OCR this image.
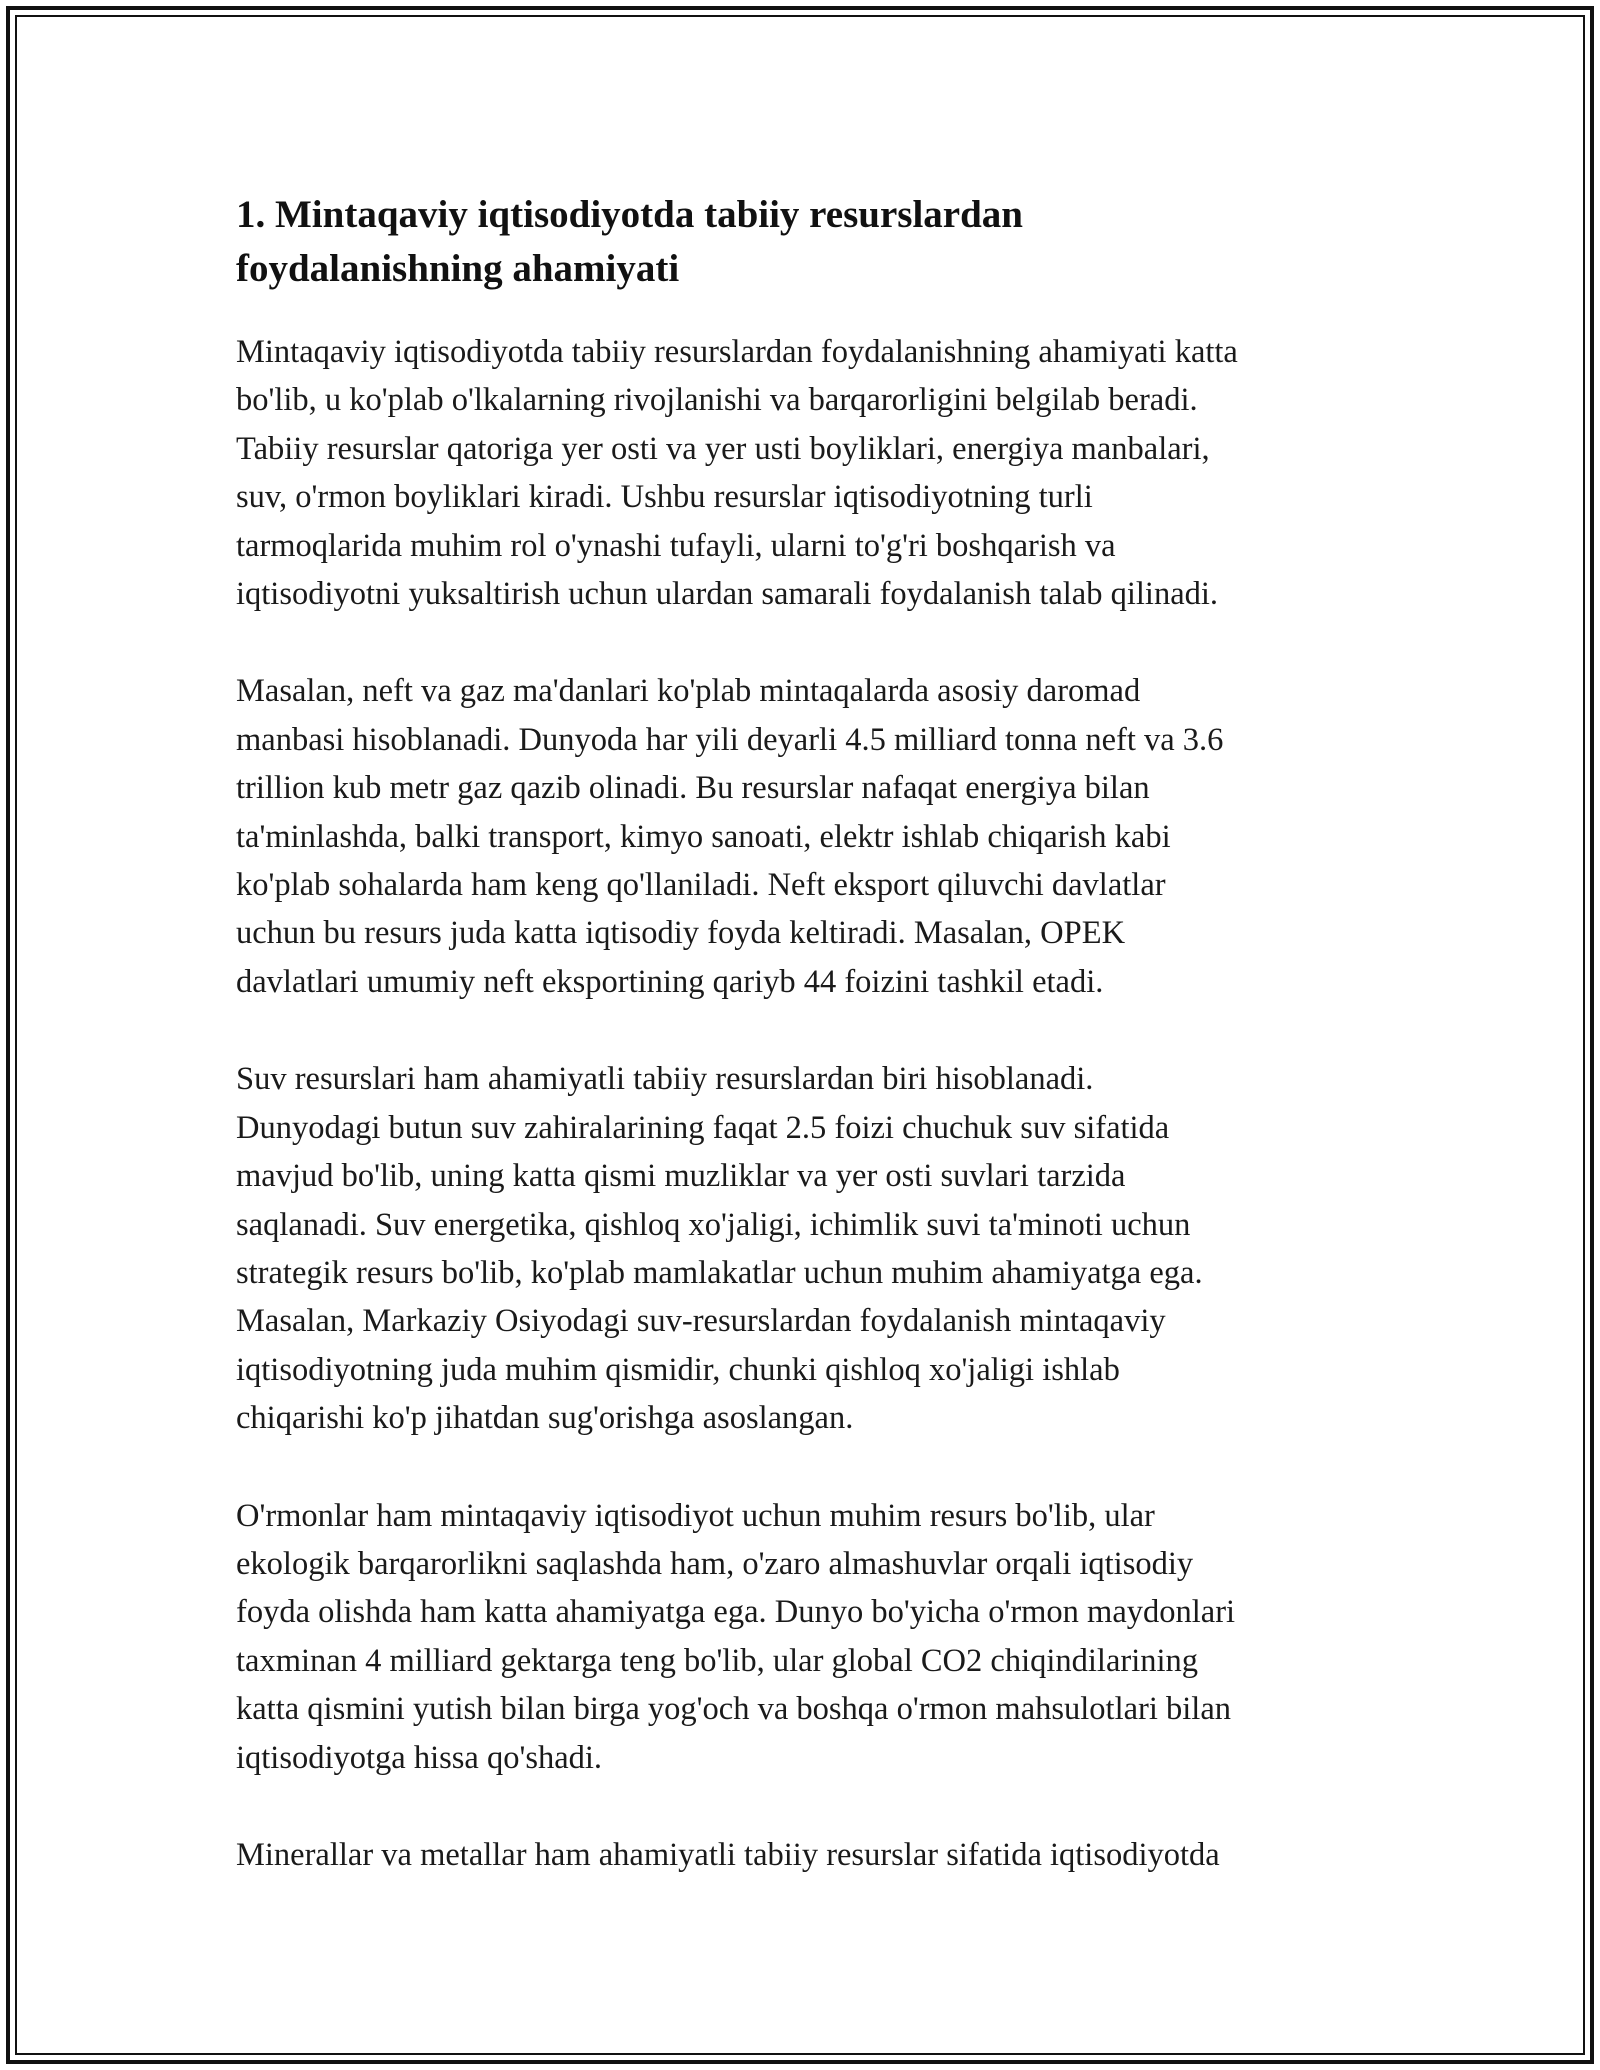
1. Mintaqaviy iqtisodiyotda tabiiy resurslardan
foydalanishning ahamiyati

Mintaqaviy iqtisodiyotda tabiiy resurslardan foydalanishning ahamiyati katta
bo'lib, u ko'plab o'lkalarning rivojlanishi va barqarorligini belgilab beradi.
Tabiiy resurslar qatoriga yer osti va yer usti boyliklari, energiya manbalari,
suv, o'rmon boyliklari kiradi. Ushbu resurslar iqtisodiyotning turli
tarmoqlarida muhim rol o'ynashi tufayli, ularni to'g'ri boshqarish va
iqtisodiyotni yuksaltirish uchun ulardan samarali foydalanish talab qilinadi.

Masalan, neft va gaz ma'danlari ko'plab mintaqalarda asosiy daromad
manbasi hisoblanadi. Dunyoda har yili deyarli 4.5 milliard tonna neft va 3.6
trillion kub metr gaz qazib olinadi. Bu resurslar nafaqat energiya bilan
ta'minlashda, balki transport, kimyo sanoati, elektr ishlab chiqarish kabi
ko'plab sohalarda ham keng qo'llaniladi. Neft eksport qiluvchi davlatlar
uchun bu resurs juda katta iqtisodiy foyda keltiradi. Masalan, OPEK
davlatlari umumiy neft eksportining qariyb 44 foizini tashkil etadi.

Suv resurslari ham ahamiyatli tabiiy resurslardan biri hisoblanadi.
Dunyodagi butun suv zahiralarining faqat 2.5 foizi chuchuk suv sifatida
mavjud bo'lib, uning katta qismi muzliklar va yer osti suvlari tarzida
saqlanadi. Suv energetika, qishloq xo'jaligi, ichimlik suvi ta'minoti uchun
strategik resurs bo'lib, ko'plab mamlakatlar uchun muhim ahamiyatga ega.
Masalan, Markaziy Osiyodagi suv-resurslardan foydalanish mintaqaviy
iqtisodiyotning juda muhim qismidir, chunki qishloq xo'jaligi ishlab
chiqarishi ko'p jihatdan sug'orishga asoslangan.

O'rmonlar ham mintaqaviy iqtisodiyot uchun muhim resurs bo'lib, ular
ekologik barqarorlikni saqlashda ham, o'zaro almashuvlar orqali iqtisodiy
foyda olishda ham katta ahamiyatga ega. Dunyo bo'yicha o'rmon maydonlari
taxminan 4 milliard gektarga teng bo'lib, ular global CO2 chiqindilarining
katta qismini yutish bilan birga yog'och va boshqa o'rmon mahsulotlari bilan
iqtisodiyotga hissa qo'shadi.

Minerallar va metallar ham ahamiyatli tabiiy resurslar sifatida iqtisodiyotda
